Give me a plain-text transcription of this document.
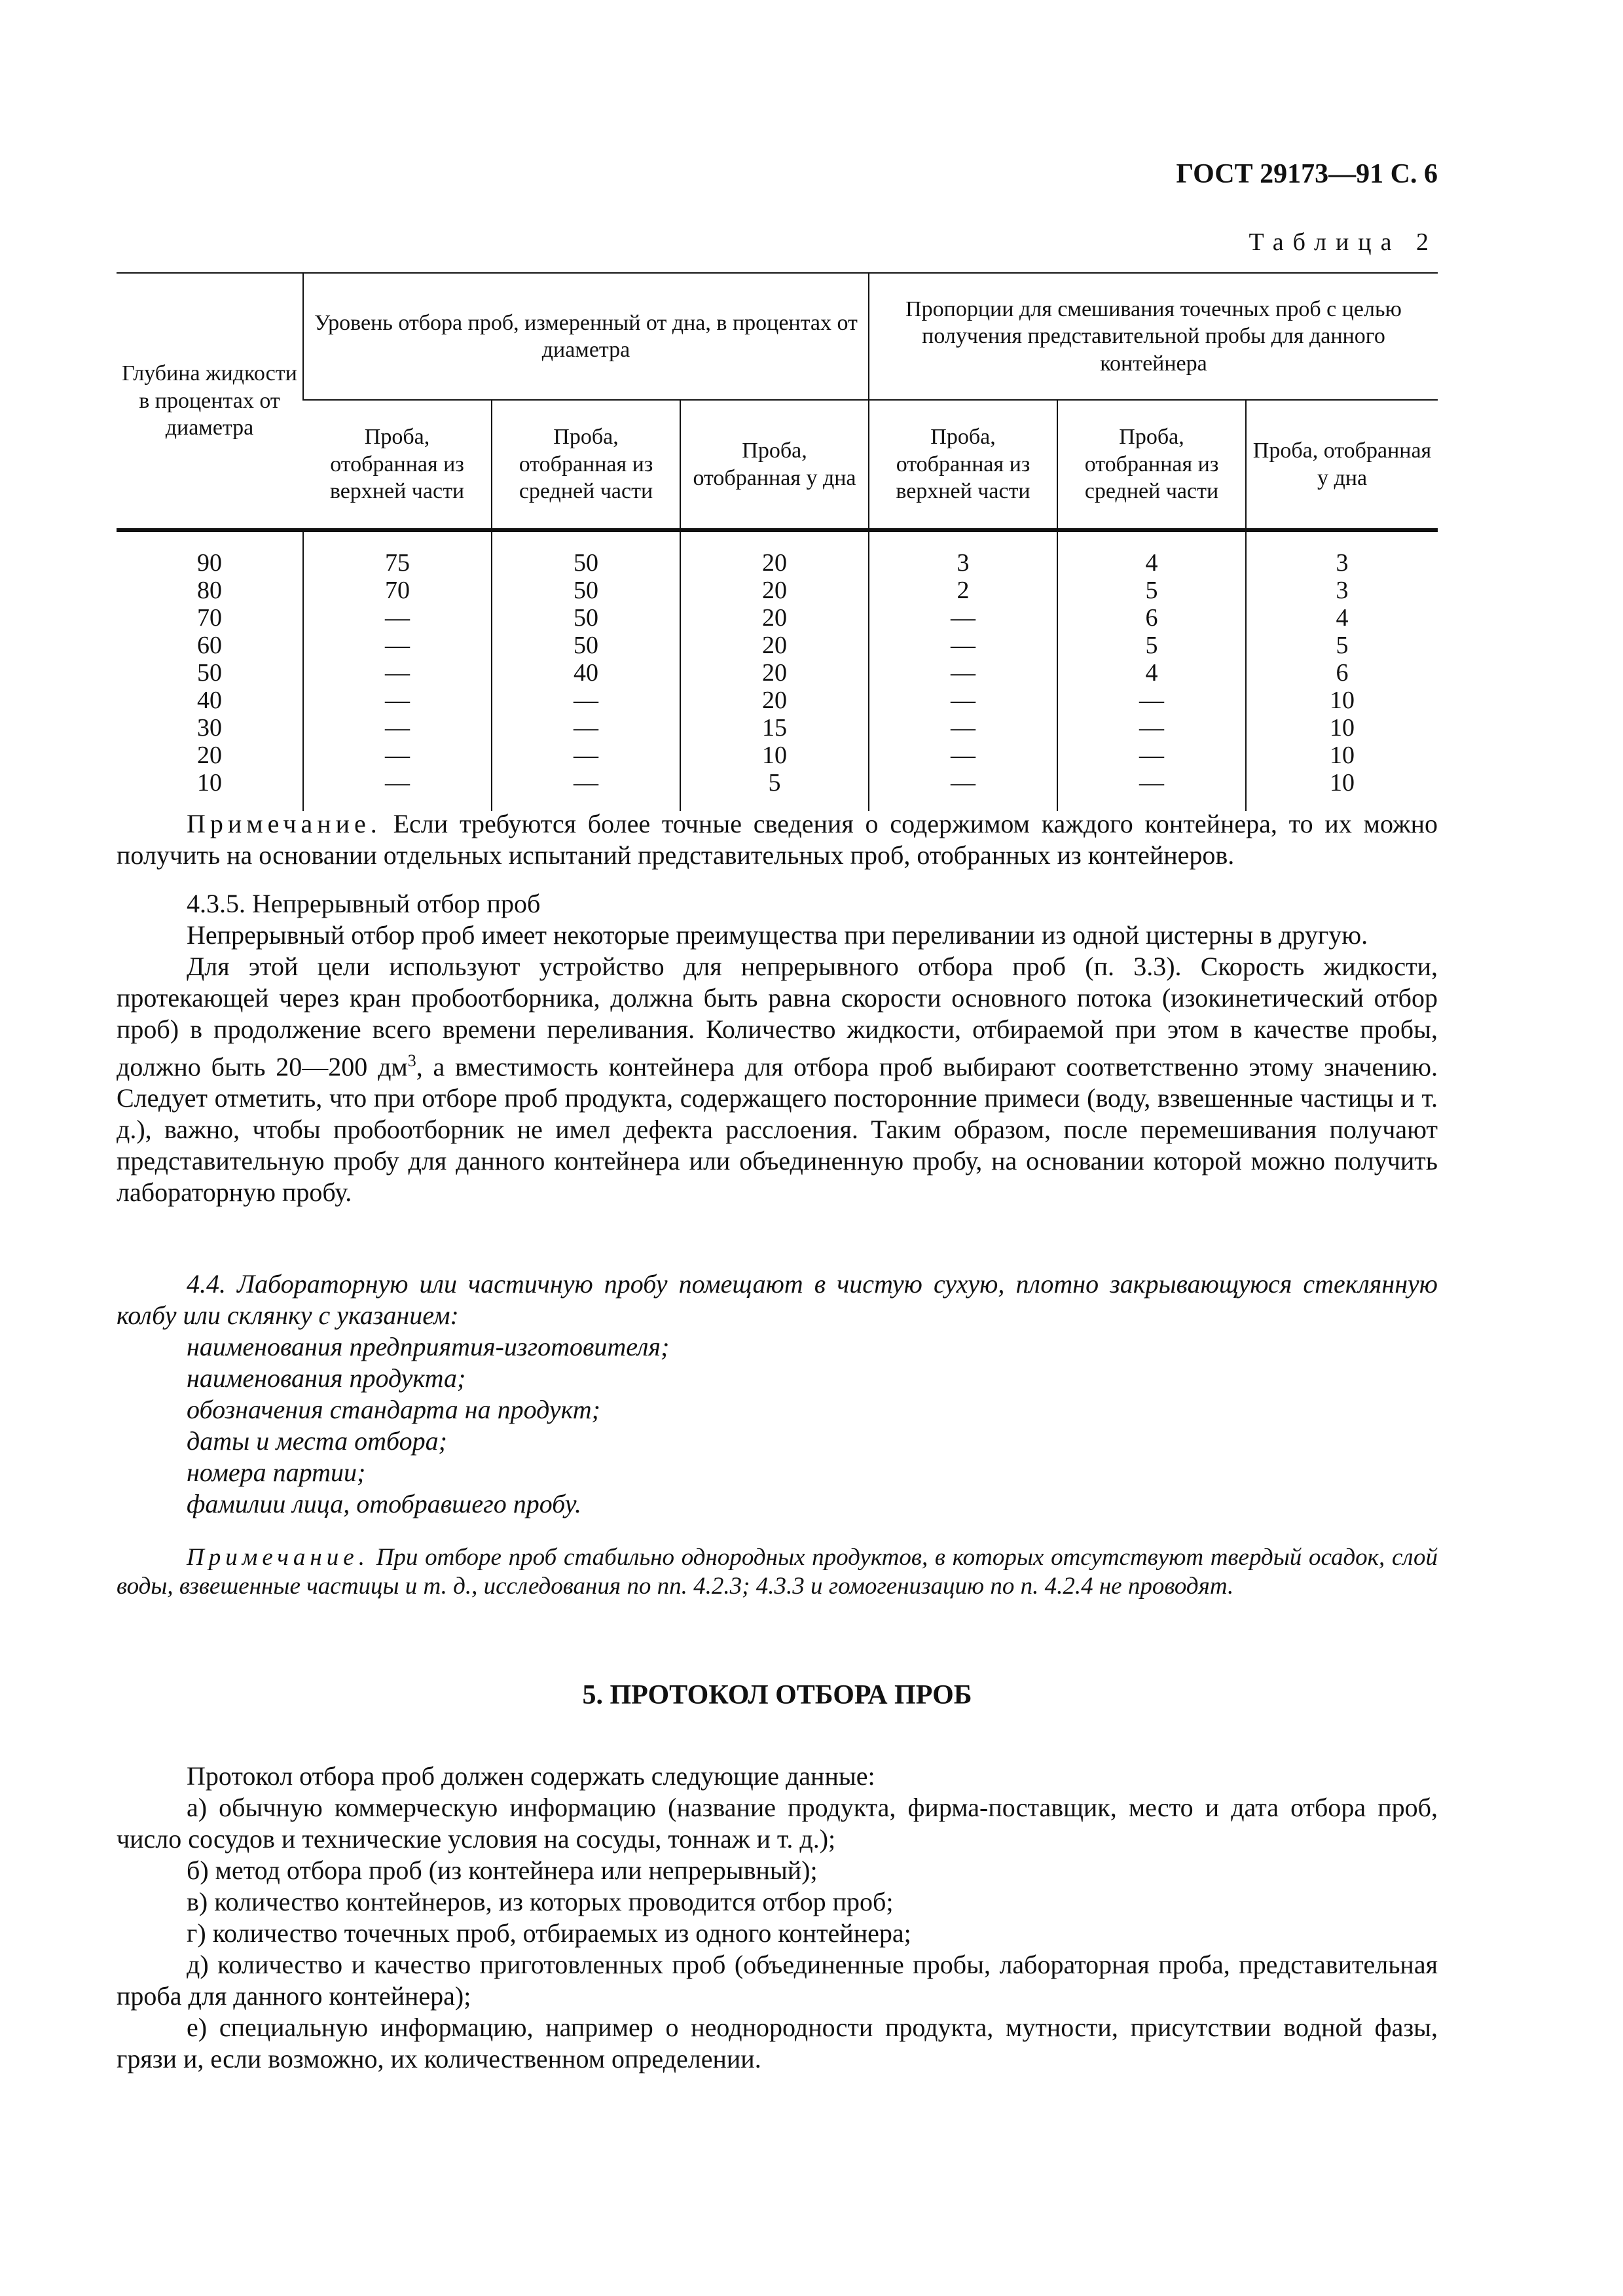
ГОСТ 29173—91 С. 6
Таблица 2
Глубина жидкости в процентах от диаметра	Уровень отбора проб, измеренный от дна, в процентах от диаметра			Пропорции для смешивания точечных проб с целью получения представительной пробы для данного контейнера		
	Проба, отобранная из верхней части	Проба, отобранная из средней части	Проба, отобранная у дна	Проба, отобранная из верхней части	Проба, отобранная из средней части	Проба, отобранная у дна
90	75	50	20	3	4	3
80	70	50	20	2	5	3
70	—	50	20	—	6	4
60	—	50	20	—	5	5
50	—	40	20	—	4	6
40	—	—	20	—	—	10
30	—	—	15	—	—	10
20	—	—	10	—	—	10
10	—	—	5	—	—	10
Примечание. Если требуются более точные сведения о содержимом каждого контейнера, то их можно получить на основании отдельных испытаний представительных проб, отобранных из контейнеров.
4.3.5. Непрерывный отбор проб
Непрерывный отбор проб имеет некоторые преимущества при переливании из одной цистерны в другую.
Для этой цели используют устройство для непрерывного отбора проб (п. 3.3). Скорость жидкости, протекающей через кран пробоотборника, должна быть равна скорости основного потока (изокинетический отбор проб) в продолжение всего времени переливания. Количество жидкости, отбираемой при этом в качестве пробы, должно быть 20—200 $дм^3$, а вместимость контейнера для отбора проб выбирают соответственно этому значению. Следует отметить, что при отборе проб продукта, содержащего посторонние примеси (воду, взвешенные частицы и т. д.), важно, чтобы пробоотборник не имел дефекта расслоения. Таким образом, после перемешивания получают представительную пробу для данного контейнера или объединенную пробу, на основании которой можно получить лабораторную пробу.
4.4. Лабораторную или частичную пробу помещают в чистую сухую, плотно закрывающуюся стеклянную колбу или склянку с указанием:
наименования предприятия-изготовителя;
наименования продукта;
обозначения стандарта на продукт;
даты и места отбора;
номера партии;
фамилии лица, отобравшего пробу.
Примечание. При отборе проб стабильно однородных продуктов, в которых отсутствуют твердый осадок, слой воды, взвешенные частицы и т. д., исследования по пп. 4.2.3; 4.3.3 и гомогенизацию по п. 4.2.4 не проводят.
5. ПРОТОКОЛ ОТБОРА ПРОБ
Протокол отбора проб должен содержать следующие данные:
а) обычную коммерческую информацию (название продукта, фирма-поставщик, место и дата отбора проб, число сосудов и технические условия на сосуды, тоннаж и т. д.);
б) метод отбора проб (из контейнера или непрерывный);
в) количество контейнеров, из которых проводится отбор проб;
г) количество точечных проб, отбираемых из одного контейнера;
д) количество и качество приготовленных проб (объединенные пробы, лабораторная проба, представительная проба для данного контейнера);
е) специальную информацию, например о неоднородности продукта, мутности, присутствии водной фазы, грязи и, если возможно, их количественном определении.
